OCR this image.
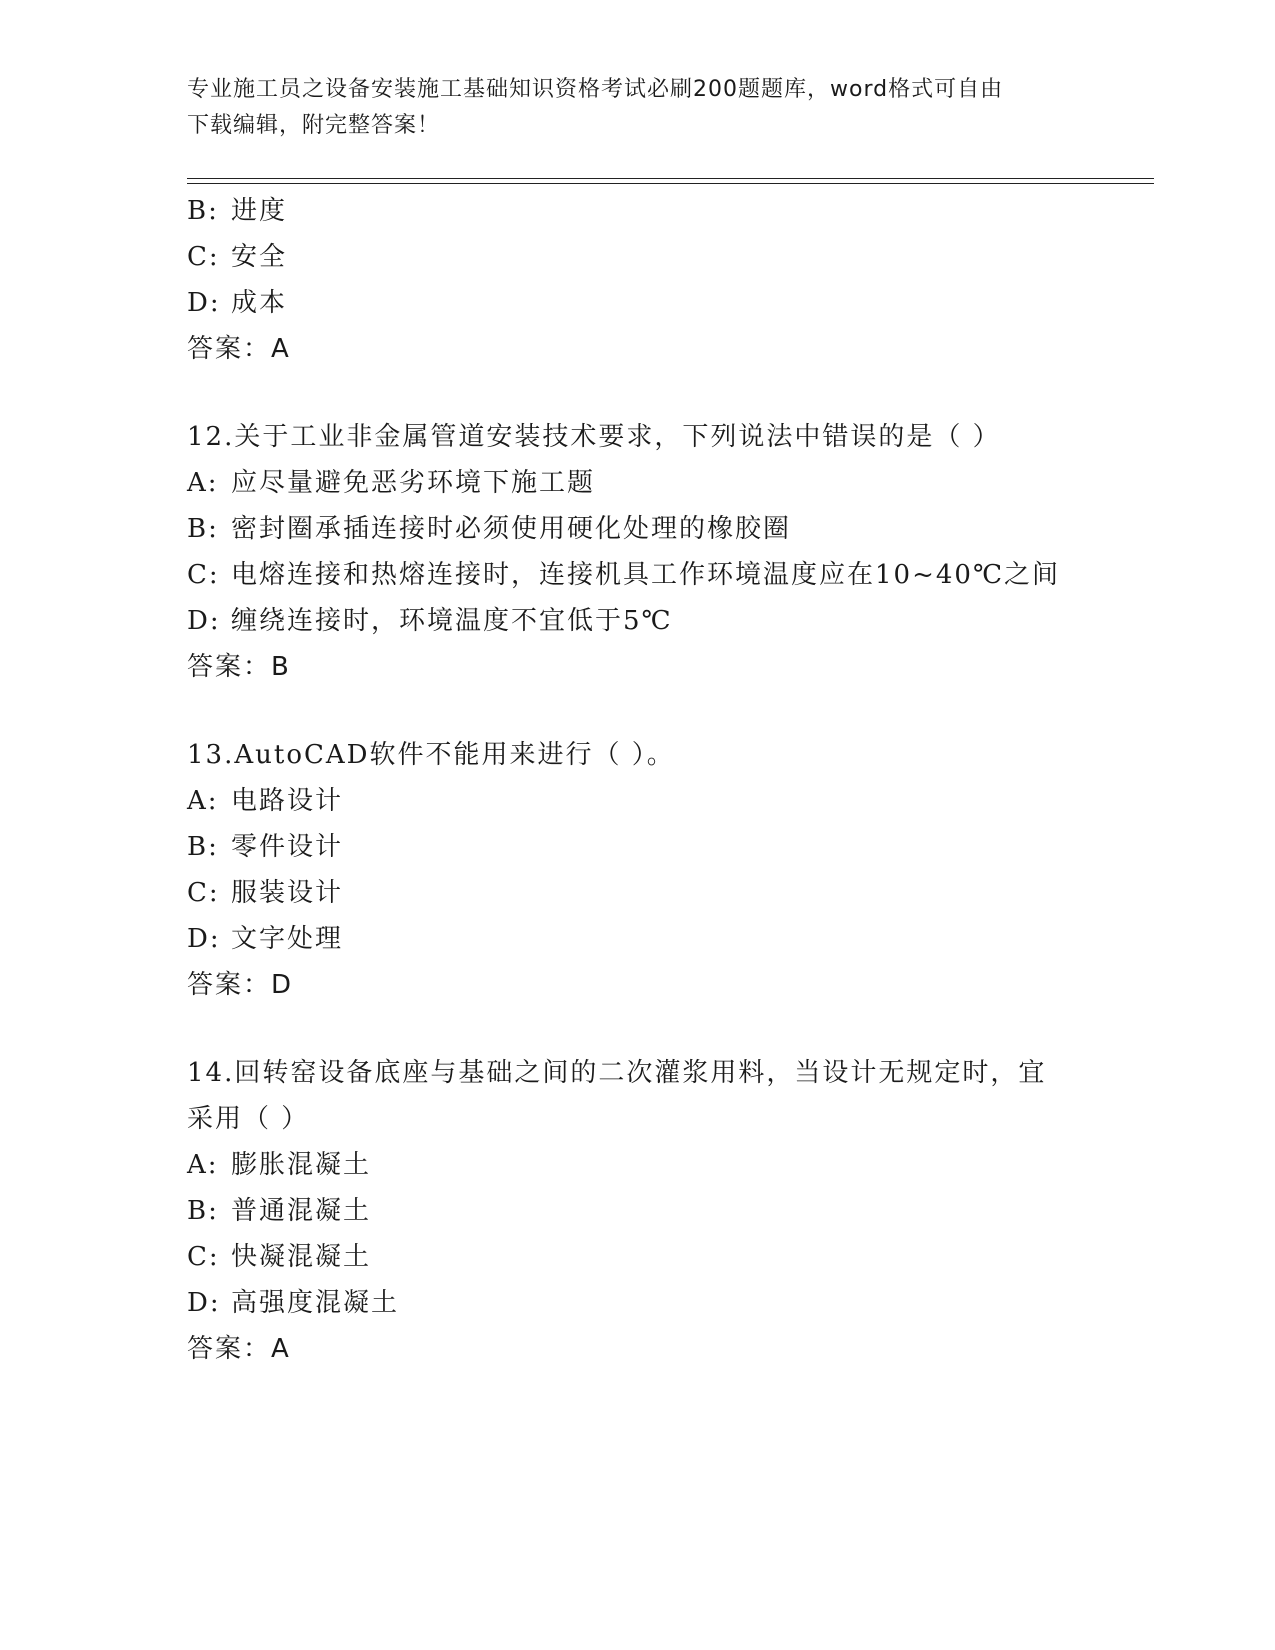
专业施工员之设备安装施工基础知识资格考试必刷200题题库，word格式可自由
下载编辑，附完整答案！
B: 进度
C: 安全
D: 成本
答案：A
12.关于工业非金属管道安装技术要求，下列说法中错误的是（ ）
A: 应尽量避免恶劣环境下施工题
B: 密封圈承插连接时必须使用硬化处理的橡胶圈
C: 电熔连接和热熔连接时，连接机具工作环境温度应在10~40℃之间
D: 缠绕连接时，环境温度不宜低于5℃
答案：B
13.AutoCAD软件不能用来进行（ ）。
A: 电路设计
B: 零件设计
C: 服装设计
D: 文字处理
答案：D
14.回转窑设备底座与基础之间的二次灌浆用料，当设计无规定时，宜
采用（ ）
A: 膨胀混凝土
B: 普通混凝土
C: 快凝混凝土
D: 高强度混凝土
答案：A
